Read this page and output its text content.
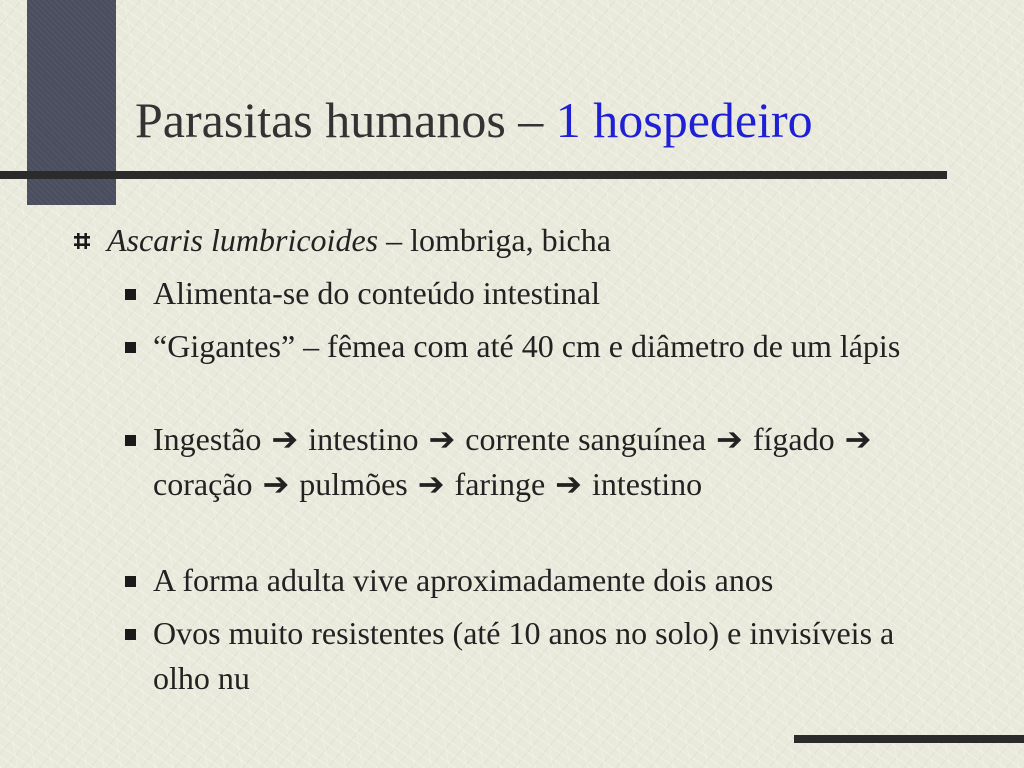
Parasitas humanos – 1 hospedeiro
Ascaris lumbricoides – lombriga, bicha
Alimenta-se do conteúdo intestinal
“Gigantes” – fêmea com até 40 cm e diâmetro de um lápis
Ingestão ➔ intestino ➔ corrente sanguínea ➔ fígado ➔ coração ➔ pulmões ➔ faringe ➔ intestino
A forma adulta vive aproximadamente dois anos
Ovos muito resistentes (até 10 anos no solo) e invisíveis a olho nu
